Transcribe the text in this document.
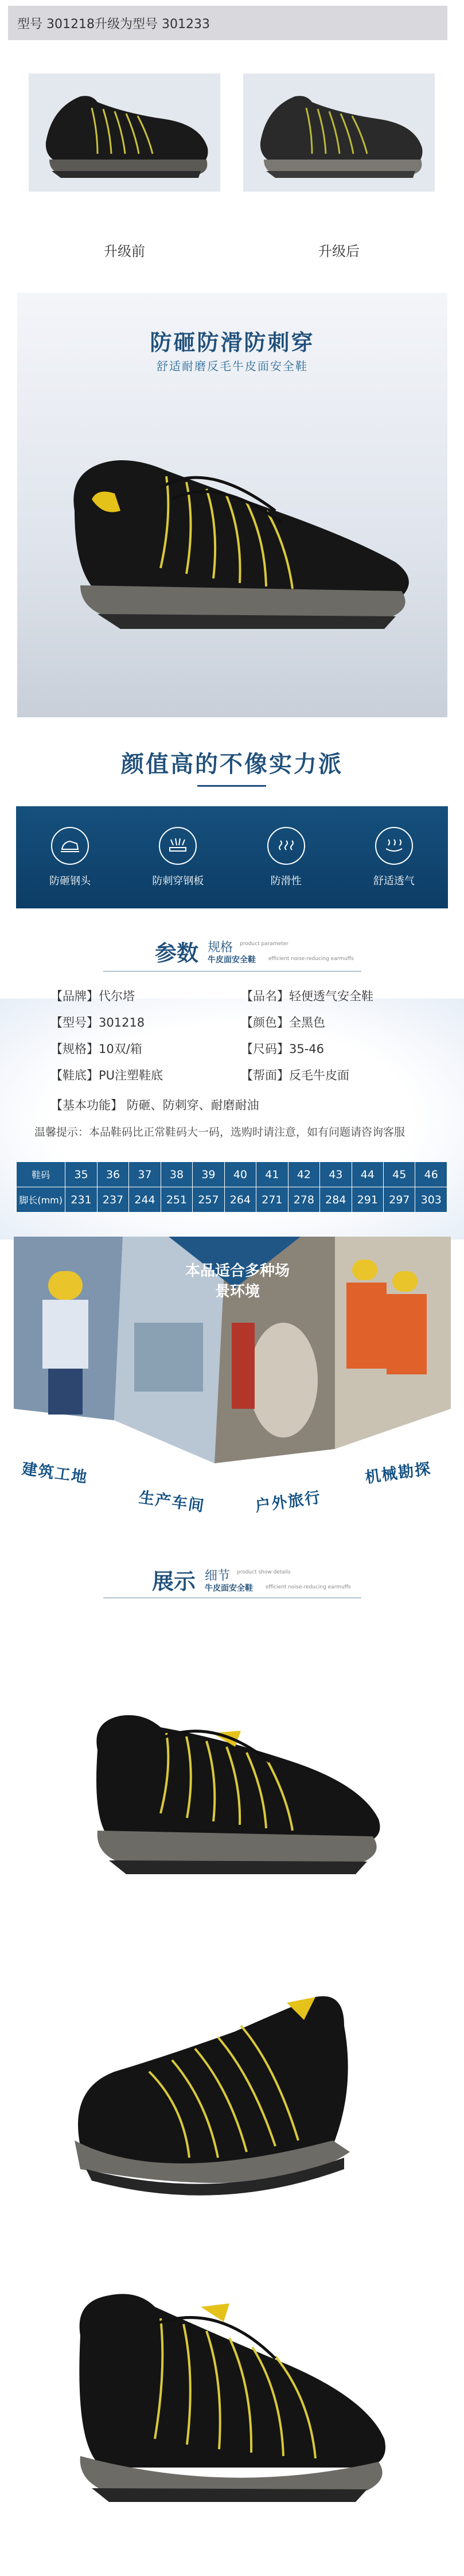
型号 301218升级为型号 301233
升级前	升级后
防砸防滑防刺穿
舒适耐磨反毛牛皮面安全鞋
颜值高的不像实力派
防砸钢头	防刺穿钢板	防滑性	舒适透气
参数 规格 product parameter
牛皮面安全鞋 efficient noise-reducing earmuffs
【品牌】代尔塔
【型号】301218
【规格】10双/箱
【鞋底】PU注塑鞋底
【品名】轻便透气安全鞋
【颜色】全黑色
【尺码】35-46
【帮面】反毛牛皮面
【基本功能】 防砸、防刺穿、耐磨耐油
温馨提示：本品鞋码比正常鞋码大一码，选购时请注意，如有问题请咨询客服
鞋码	35	36	37	38	39	40	41	42	43	44	45	46
脚长(mm)	231	237	244	251	257	264	271	278	284	291	297	303
本品适合多种场景环境
建筑工地
生产车间	户外旅行
机械勘探
展示 细节 product show details
牛皮面安全鞋 efficient noise-reducing earmuffs
